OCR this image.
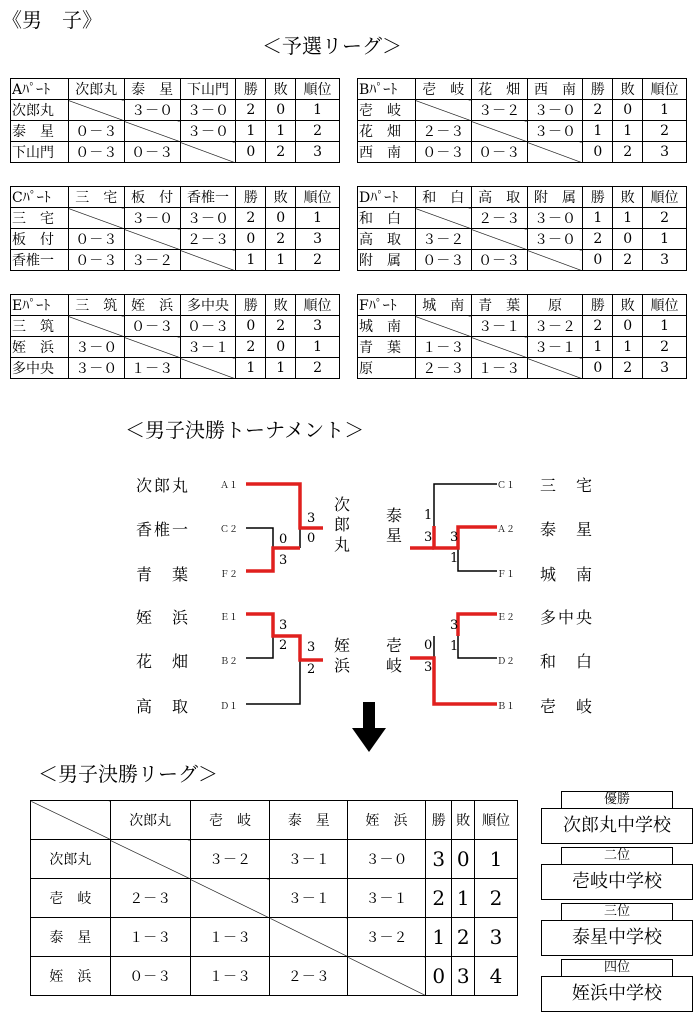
《男　子》
＜予選リーグ＞
Aﾊﾟｰﾄ	次郎丸	泰　星	下山門	勝	敗	順位
次郎丸		３－０	３－０	2	0	1
泰　星	０－３		３－０	1	1	2
下山門	０－３	０－３		0	2	3
Bﾊﾟｰﾄ	壱　岐	花　畑	西　南	勝	敗	順位
壱　岐		３－２	３－０	2	0	1
花　畑	２－３		３－０	1	1	2
西　南	０－３	０－３		0	2	3
Cﾊﾟｰﾄ	三　宅	板　付	香椎一	勝	敗	順位
三　宅		３－０	３－０	2	0	1
板　付	０－３		２－３	0	2	3
香椎一	０－３	３－２		1	1	2
Dﾊﾟｰﾄ	和　白	高　取	附　属	勝	敗	順位
和　白		２－３	３－０	1	1	2
高　取	３－２		３－０	2	0	1
附　属	０－３	０－３		0	2	3
Eﾊﾟｰﾄ	三　筑	姪　浜	多中央	勝	敗	順位
三　筑		０－３	０－３	0	2	3
姪　浜	３－０		３－１	2	0	1
多中央	３－０	１－３		1	1	2
Fﾊﾟｰﾄ	城　南	青　葉	原	勝	敗	順位
城　南		３－１	３－２	2	0	1
青　葉	１－３		３－１	1	1	2
原	２－３	１－３		0	2	3
＜男子決勝トーナメント＞
次郎丸
香椎一
青　葉
姪　浜
花　畑
高　取
Ａ１
Ｃ２
Ｆ２
Ｅ１
Ｂ２
Ｄ１
Ｃ１
Ａ２
Ｆ１
Ｅ２
Ｄ２
Ｂ１
三　宅
泰　星
城　南
多中央
和　白
壱　岐
3
0
0
3
3
2 3
2
1
3 3
1
0
3
3
1
次郎丸
泰星
姪浜
壱岐
＜男子決勝リーグ＞
	次郎丸	壱　岐	泰　星	姪　浜	勝	敗	順位
次郎丸		３－２	３－１	３－０	3	0	1
壱　岐	２－３		３－１	３－１	2	1	2
泰　星	１－３	１－３		３－２	1	2	3
姪　浜	０－３	１－３	２－３		0	3	4
優勝
次郎丸中学校
二位
壱岐中学校
三位
泰星中学校
四位
姪浜中学校
